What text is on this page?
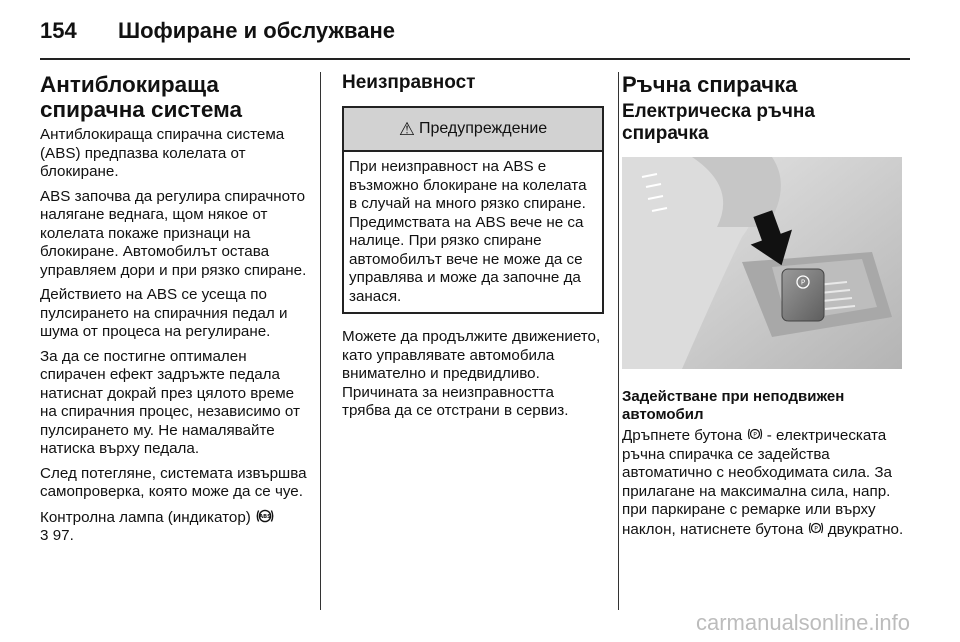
154	Шофиране и обслужване
Антиблокираща спирачна система

Антиблокираща спирачна система (ABS) предпазва колелата от блокиране.

ABS започва да регулира спирачното налягане веднага, щом някое от колелата покаже признаци на блокиране. Автомобилът остава управляем дори и при рязко спиране.

Действието на ABS се усеща по пулсирането на спирачния педал и шума от процеса на регулиране.

За да се постигне оптимален спирачен ефект задръжте педала натиснат докрай през цялото време на спирачния процес, независимо от пулсирането му. Не намалявайте натиска върху педала.

След потегляне, системата извършва самопроверка, която може да се чуе.

Контролна лампа (индикатор) ABS

3 97.

Неизправност
⚠ Предупреждение
При неизправност на ABS е възможно блокиране на колелата в случай на много рязко спиране. Предимствата на ABS вече не са налице. При рязко спиране автомобилът вече не може да се управлява и може да започне да занася.

Можете да продължите движението, като управлявате автомобила внимателно и предвидливо. Причината за неизправността трябва да се отстрани в сервиз.

Ръчна спирачка
Електрическа ръчна спирачка
P
Задействане при неподвижен автомобил

Дръпнете бутона P - електрическата ръчна спирачка се задейства автоматично с необходимата сила. За прилагане на максимална сила, напр. при паркиране с ремарке или върху наклон, натиснете бутона P двукратно.

carmanualsonline.info
